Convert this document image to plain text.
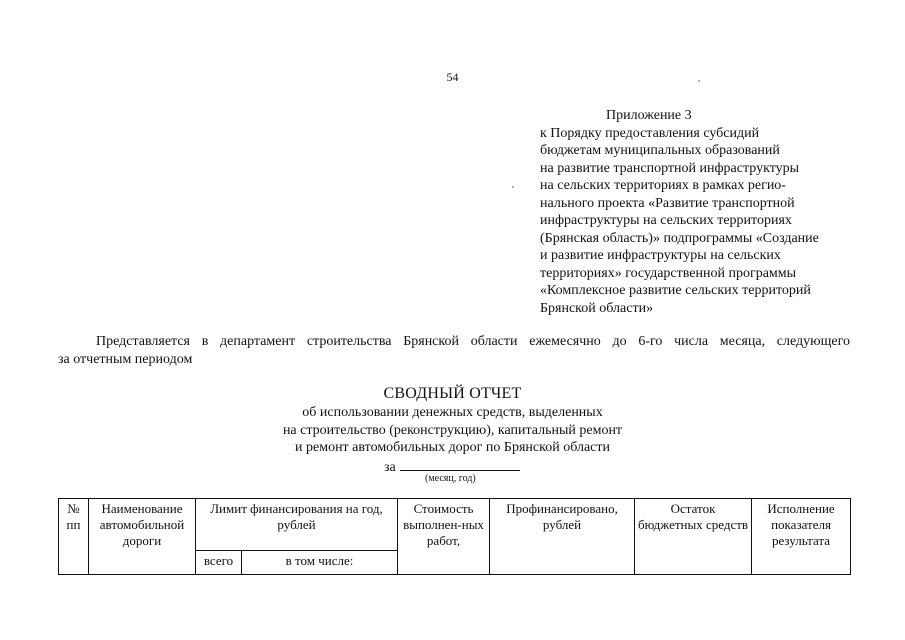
54
Приложение 3
к Порядку предоставления субсидий
бюджетам муниципальных образований
на развитие транспортной инфраструктуры
на сельских территориях в рамках регио-
нального проекта «Развитие транспортной
инфраструктуры на сельских территориях
(Брянская область)» подпрограммы «Создание
и развитие инфраструктуры на сельских
территориях» государственной программы
«Комплексное развитие сельских территорий
Брянской области»
Представляется в департамент строительства Брянской области ежемесячно до 6-го числа месяца, следующего
за отчетным периодом
СВОДНЫЙ ОТЧЕТ
об использовании денежных средств, выделенных
на строительство (реконструкцию), капитальный ремонт
и ремонт автомобильных дорог по Брянской области
за
(месяц, год)
№ пп	Наименование автомобильной дороги	Лимит финансирования на год, рублей		Стоимость выполнен-ных работ,	Профинансировано, рублей	Остаток бюджетных средств	Исполнение показателя результата
		всего	в том числе:				
